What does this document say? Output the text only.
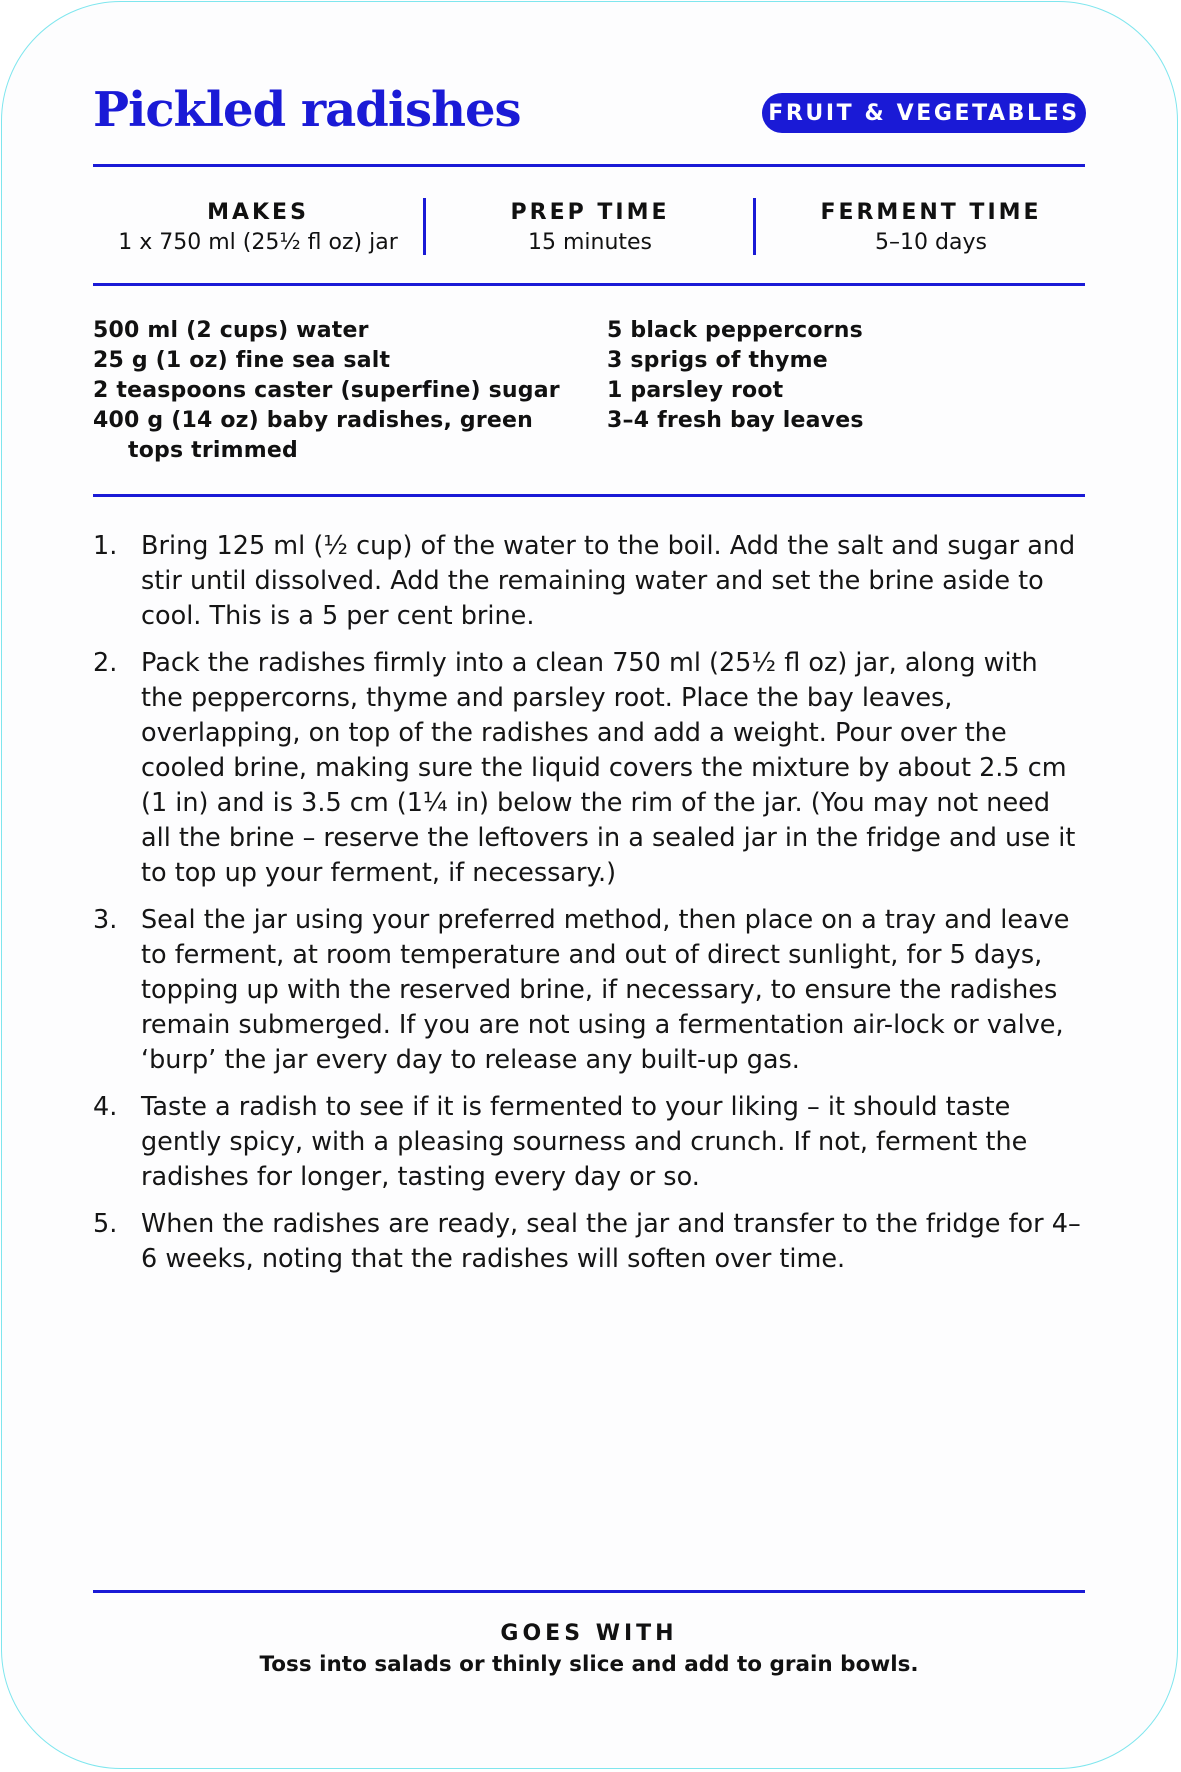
Pickled radishes	FRUIT & VEGETABLES
MAKES
1 x 750 ml (25½ fl oz) jar
PREP TIME
15 minutes
FERMENT TIME
5–10 days
500 ml (2 cups) water
25 g (1 oz) fine sea salt
2 teaspoons caster (superfine) sugar
400 g (14 oz) baby radishes, green
tops trimmed
5 black peppercorns
3 sprigs of thyme
1 parsley root
3–4 fresh bay leaves
1. Bring 125 ml (½ cup) of the water to the boil. Add the salt and sugar and stir until dissolved. Add the remaining water and set the brine aside to cool. This is a 5 per cent brine.
2. Pack the radishes firmly into a clean 750 ml (25½ fl oz) jar, along with the peppercorns, thyme and parsley root. Place the bay leaves, overlapping, on top of the radishes and add a weight. Pour over the cooled brine, making sure the liquid covers the mixture by about 2.5 cm (1 in) and is 3.5 cm (1¼ in) below the rim of the jar. (You may not need all the brine – reserve the leftovers in a sealed jar in the fridge and use it to top up your ferment, if necessary.)
3. Seal the jar using your preferred method, then place on a tray and leave to ferment, at room temperature and out of direct sunlight, for 5 days, topping up with the reserved brine, if necessary, to ensure the radishes remain submerged. If you are not using a fermentation air-lock or valve, ‘burp’ the jar every day to release any built-up gas.
4. Taste a radish to see if it is fermented to your liking – it should taste gently spicy, with a pleasing sourness and crunch. If not, ferment the radishes for longer, tasting every day or so.
5. When the radishes are ready, seal the jar and transfer to the fridge for 4–6 weeks, noting that the radishes will soften over time.
GOES WITH
Toss into salads or thinly slice and add to grain bowls.
